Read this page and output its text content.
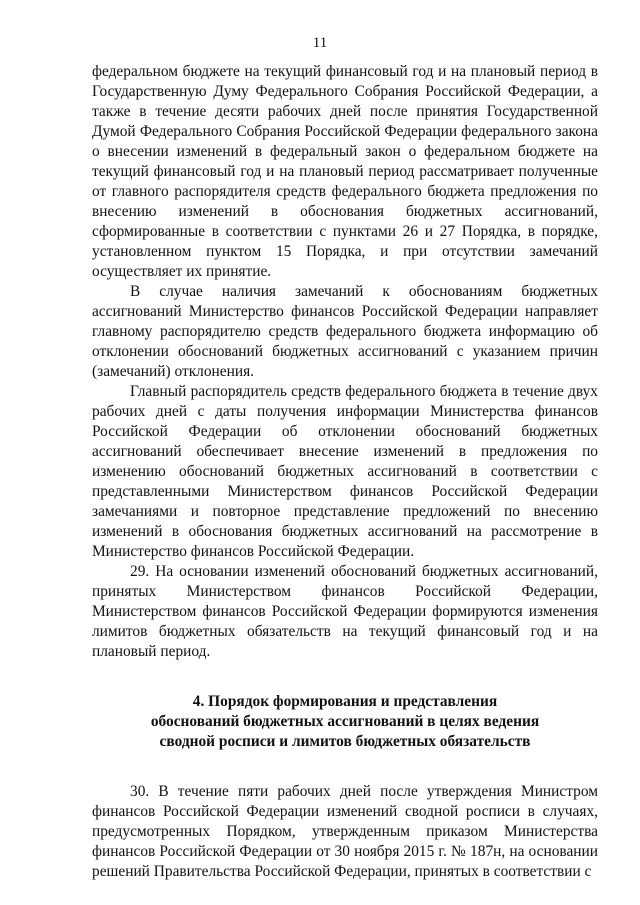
11

федеральном бюджете на текущий финансовый год и на плановый период в Государственную Думу Федерального Собрания Российской Федерации, а также в течение десяти рабочих дней после принятия Государственной Думой Федерального Собрания Российской Федерации федерального закона о внесении изменений в федеральный закон о федеральном бюджете на текущий финансовый год и на плановый период рассматривает полученные от главного распорядителя средств федерального бюджета предложения по внесению изменений в обоснования бюджетных ассигнований, сформированные в соответствии с пунктами 26 и 27 Порядка, в порядке, установленном пунктом 15 Порядка, и при отсутствии замечаний осуществляет их принятие.

В случае наличия замечаний к обоснованиям бюджетных ассигнований Министерство финансов Российской Федерации направляет главному распорядителю средств федерального бюджета информацию об отклонении обоснований бюджетных ассигнований с указанием причин (замечаний) отклонения.

Главный распорядитель средств федерального бюджета в течение двух рабочих дней с даты получения информации Министерства финансов Российской Федерации об отклонении обоснований бюджетных ассигнований обеспечивает внесение изменений в предложения по изменению обоснований бюджетных ассигнований в соответствии с представленными Министерством финансов Российской Федерации замечаниями и повторное представление предложений по внесению изменений в обоснования бюджетных ассигнований на рассмотрение в Министерство финансов Российской Федерации.

29. На основании изменений обоснований бюджетных ассигнований, принятых Министерством финансов Российской Федерации, Министерством финансов Российской Федерации формируются изменения лимитов бюджетных обязательств на текущий финансовый год и на плановый период.

4. Порядок формирования и представления
обоснований бюджетных ассигнований в целях ведения
сводной росписи и лимитов бюджетных обязательств

30. В течение пяти рабочих дней после утверждения Министром финансов Российской Федерации изменений сводной росписи в случаях, предусмотренных Порядком, утвержденным приказом Министерства финансов Российской Федерации от 30 ноября 2015 г. № 187н, на основании решений Правительства Российской Федерации, принятых в соответствии с
